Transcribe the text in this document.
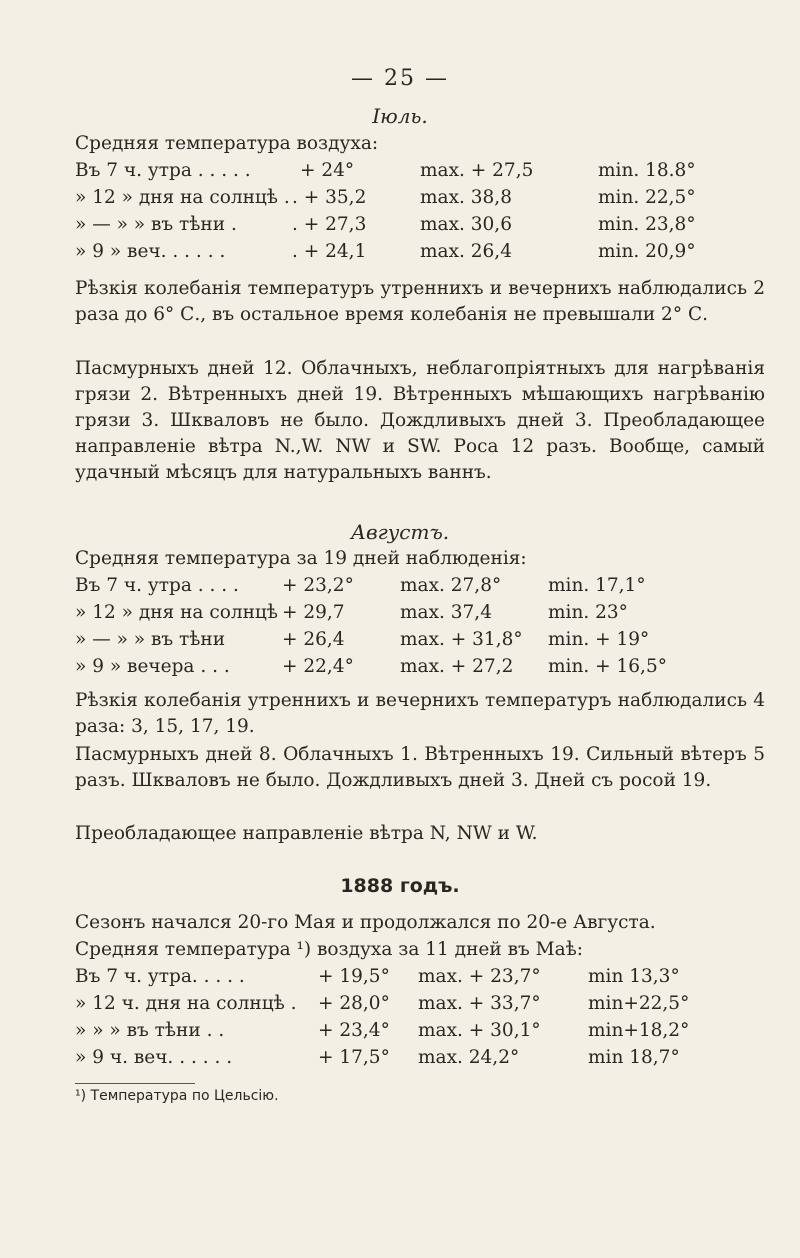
— 25 —
Іюль.
Средняя температура воздуха:
Въ 7 ч. утра . . . . .	+ 24°	max. + 27,5	min. 18.8°
» 12 » дня на солнцѣ . . + 35,2	max. 38,8	min. 22,5°
» — » » въ тѣни .	. + 27,3	max. 30,6	min. 23,8°
» 9 » веч. . . . . .	. + 24,1	max. 26,4	min. 20,9°
Рѣзкія колебанія температуръ утреннихъ и вечернихъ наблюдались 2 раза до 6° С., въ остальное время колебанія не превышали 2° С.
Пасмурныхъ дней 12. Облачныхъ, неблагопріятныхъ для нагрѣванія грязи 2. Вѣтренныхъ дней 19. Вѣтренныхъ мѣшающихъ нагрѣванію грязи 3. Шкваловъ не было. Дождливыхъ дней 3. Преобладающее направленіе вѣтра N.,W. NW и SW. Роса 12 разъ. Вообще, самый удачный мѣсяцъ для натуральныхъ ваннъ.
Августъ.
Средняя температура за 19 дней наблюденія:
Въ 7 ч. утра . . . . + 23,2° max. 27,8°	min. 17,1°
» 12 » дня на солнцѣ + 29,7	max. 37,4	min. 23°
» — » » въ тѣни	+ 26,4	max. + 31,8° min. + 19°
» 9 » вечера . . .	+ 22,4° max. + 27,2 min. + 16,5°
Рѣзкія колебанія утреннихъ и вечернихъ температуръ наблюдались 4 раза: 3, 15, 17, 19.
Пасмурныхъ дней 8. Облачныхъ 1. Вѣтренныхъ 19. Сильный вѣтеръ 5 разъ. Шкваловъ не было. Дождливыхъ дней 3. Дней съ росой 19.
Преобладающее направленіе вѣтра N, NW и W.
1888 годъ.
Сезонъ начался 20-го Мая и продолжался по 20-е Августа.
Средняя температура ¹) воздуха за 11 дней въ Маѣ:
Въ 7 ч. утра. . . . .	+ 19,5° max. + 23,7°	min 13,3°
» 12 ч. дня на солнцѣ . + 28,0° max. + 33,7°	min+22,5°
» » » въ тѣни . .	+ 23,4° max. + 30,1°	min+18,2°
» 9 ч. веч. . . . . .	+ 17,5° max. 24,2°	min 18,7°
¹) Температура по Цельсію.
